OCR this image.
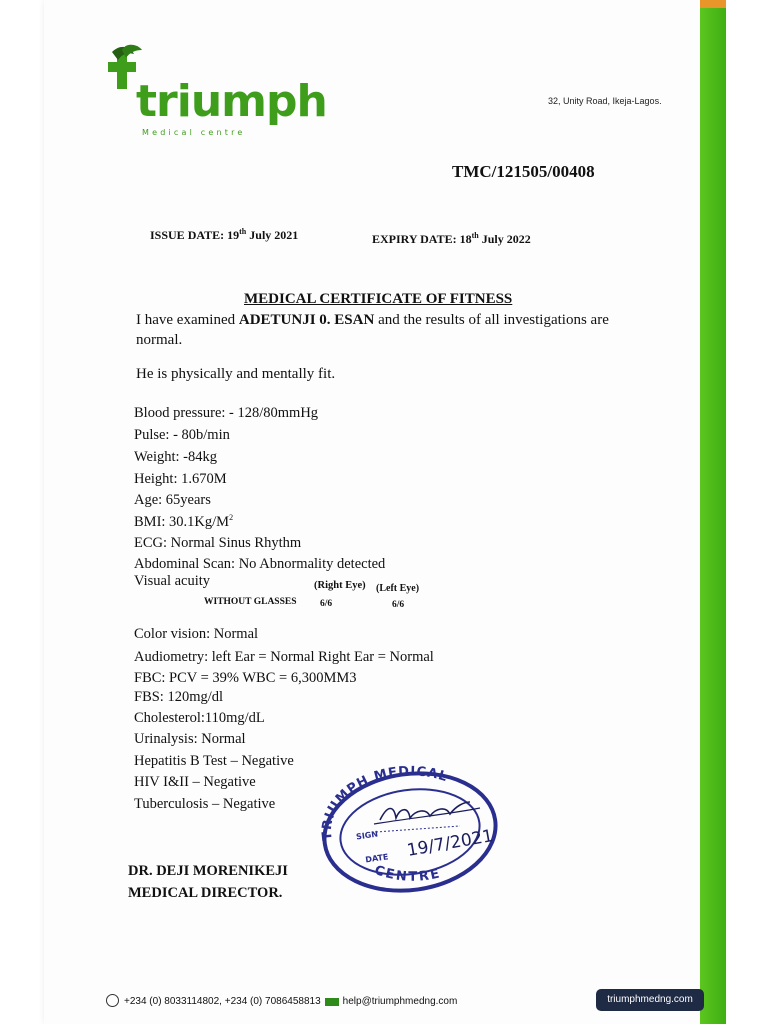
triumph
Medical centre
32, Unity Road, Ikeja-Lagos.
TMC/121505/00408
ISSUE DATE: 19th July 2021	EXPIRY DATE: 18th July 2022
MEDICAL CERTIFICATE OF FITNESS
I have examined ADETUNJI 0. ESAN and the results of all investigations are normal.
He is physically and mentally fit.
Blood pressure: - 128/80mmHg
Pulse: - 80b/min
Weight: -84kg
Height: 1.670M
Age: 65years
BMI: $30.1Kg/M^2$
ECG: Normal Sinus Rhythm
Abdominal Scan: No Abnormality detected
Visual acuity	(Right Eye) (Left Eye)
WITHOUT GLASSES 6/6	6/6
Color vision: Normal
Audiometry: left Ear = Normal Right Ear = Normal
FBC: PCV = 39% WBC = 6,300MM3
FBS: 120mg/dl
Cholesterol:110mg/dL
Urinalysis: Normal
Hepatitis B Test – Negative
HIV I&II – Negative
Tuberculosis – Negative
DR. DEJI MORENIKEJI
MEDICAL DIRECTOR.
TRIUMPH MEDICAL
CENTRE
SIGN
DATE 19/7/2021
+234 (0) 8033114802, +234 (0) 7086458813 help@triumphmedng.com	triumphmedng.com
